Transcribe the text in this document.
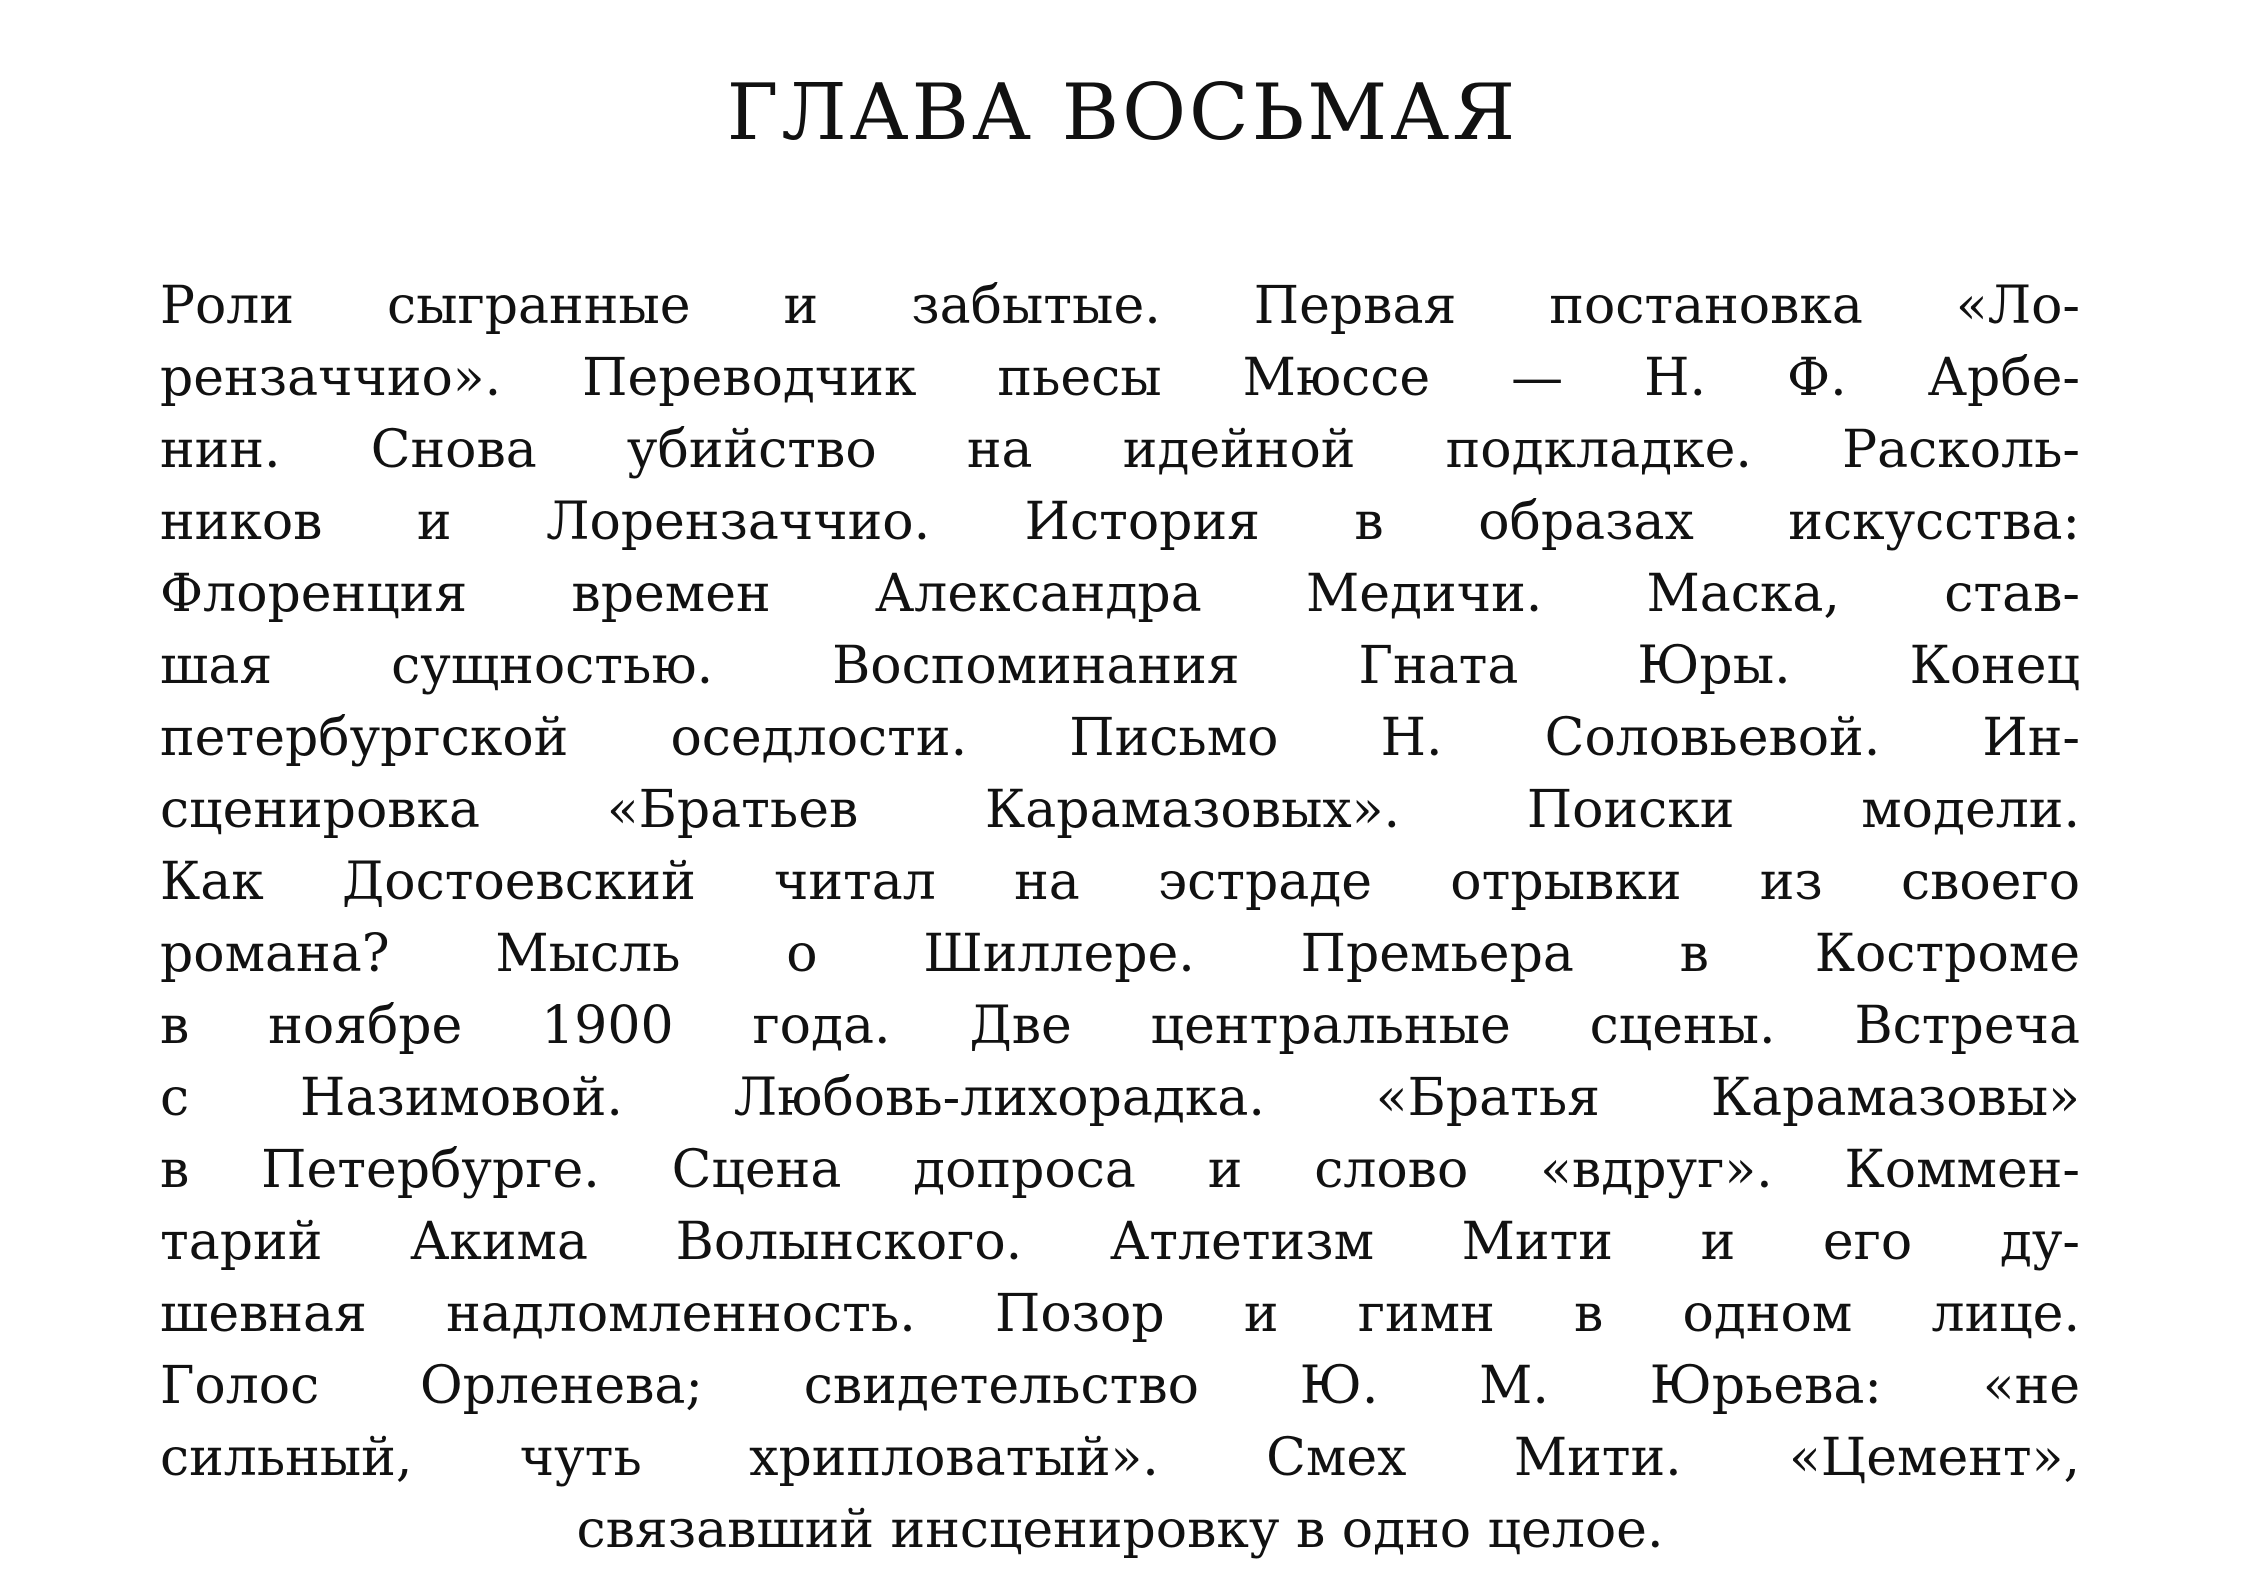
ГЛАВА ВОСЬМАЯ
Роли сыгранные и забытые. Первая постановка «Ло-
рензаччио». Переводчик пьесы Мюссе — Н. Ф. Арбе-
нин. Снова убийство на идейной подкладке. Расколь-
ников и Лорензаччио. История в образах искусства:
Флоренция времен Александра Медичи. Маска, став-
шая сущностью. Воспоминания Гната Юры. Конец
петербургской оседлости. Письмо Н. Соловьевой. Ин-
сценировка «Братьев Карамазовых». Поиски модели.
Как Достоевский читал на эстраде отрывки из своего
романа? Мысль о Шиллере. Премьера в Костроме
в ноябре 1900 года. Две центральные сцены. Встреча
с Назимовой. Любовь-лихорадка. «Братья Карамазовы»
в Петербурге. Сцена допроса и слово «вдруг». Коммен-
тарий Акима Волынского. Атлетизм Мити и его ду-
шевная надломленность. Позор и гимн в одном лице.
Голос Орленева; свидетельство Ю. М. Юрьева: «не
сильный, чуть хрипловатый». Смех Мити. «Цемент»,
связавший инсценировку в одно целое.
